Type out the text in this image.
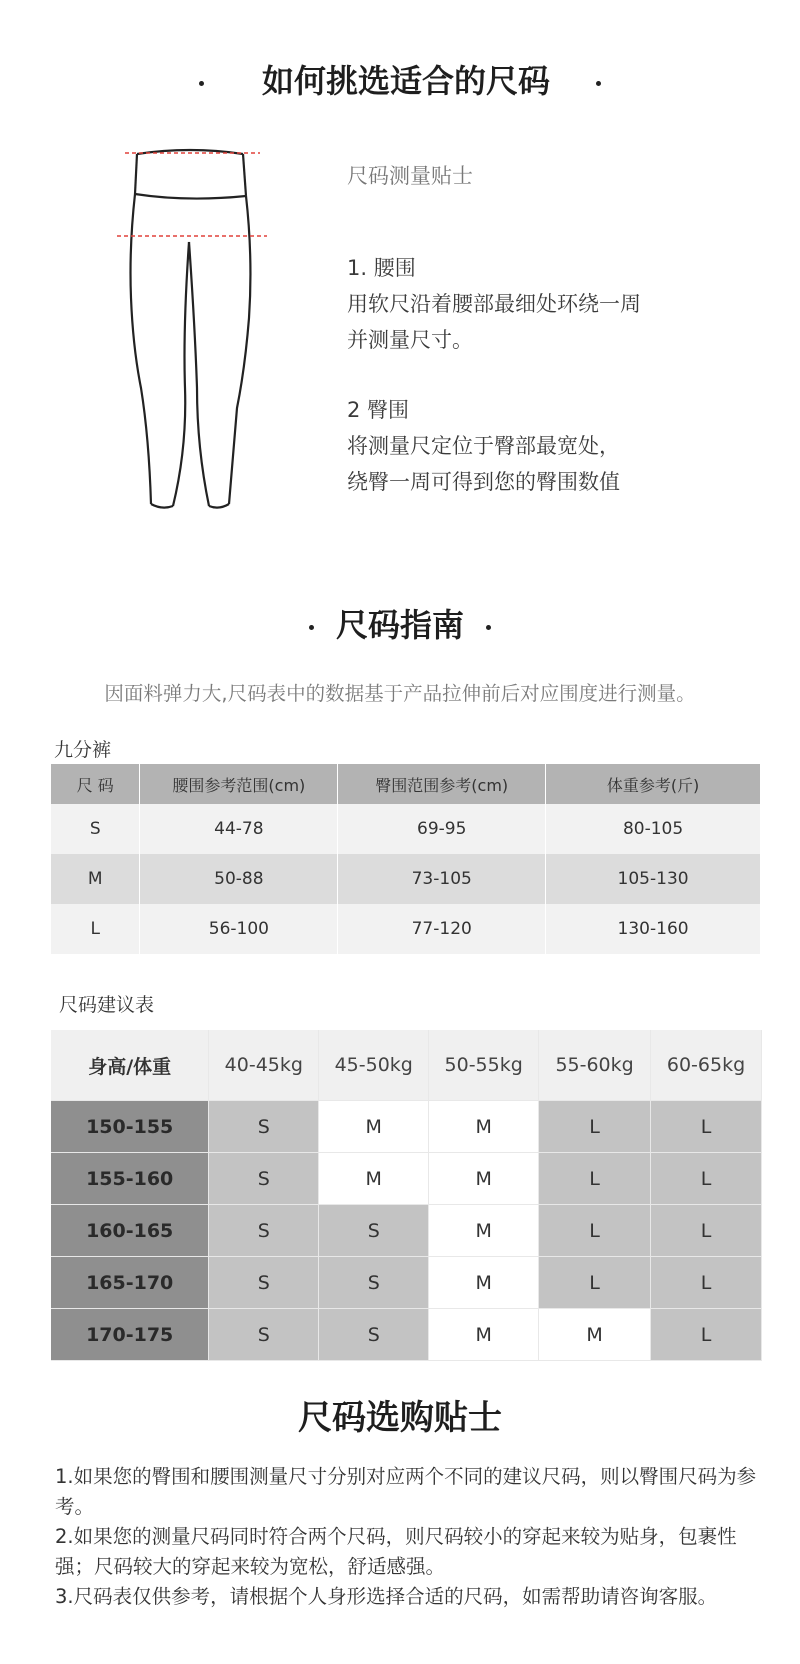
如何挑选适合的尺码
尺码测量贴士
1. 腰围
用软尺沿着腰部最细处环绕一周
并测量尺寸。
2 臀围
将测量尺定位于臀部最宽处，
绕臀一周可得到您的臀围数值
尺码指南
因面料弹力大,尺码表中的数据基于产品拉伸前后对应围度进行测量。
九分裤
尺 码	腰围参考范围(cm)	臀围范围参考(cm)	体重参考(斤)
S	44-78	69-95	80-105
M	50-88	73-105	105-130
L	56-100	77-120	130-160
尺码建议表
身高/体重	40-45kg	45-50kg	50-55kg	55-60kg	60-65kg
150-155	S	M	M	L	L
155-160	S	M	M	L	L
160-165	S	S	M	L	L
165-170	S	S	M	L	L
170-175	S	S	M	M	L
尺码选购贴士

1.如果您的臀围和腰围测量尺寸分别对应两个不同的建议尺码，则以臀围尺码为参考。

2.如果您的测量尺码同时符合两个尺码，则尺码较小的穿起来较为贴身，包裹性强；尺码较大的穿起来较为宽松，舒适感强。

3.尺码表仅供参考，请根据个人身形选择合适的尺码，如需帮助请咨询客服。
